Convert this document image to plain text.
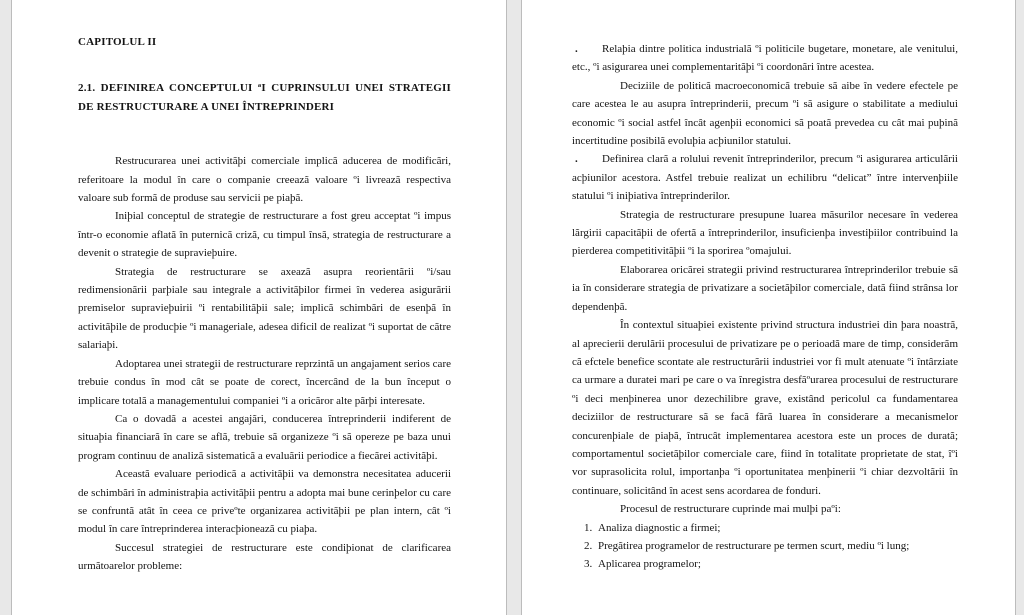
CAPITOLUL II

2.1. DEFINIREA CONCEPTULUI ªI CUPRINSULUI UNEI STRATEGII DE RESTRUCTURARE A UNEI ÎNTREPRINDERI

Restrucurarea unei activitãþi comerciale implicã aducerea de modificãri, referitoare la modul în care o companie creeazã valoare ºi livreazã respectiva valoare sub formã de produse sau servicii pe piaþã.

Iniþial conceptul de strategie de restructurare a fost greu acceptat ºi impus într-o economie aflatã în puternicã crizã, cu timpul însã, strategia de restructurare a devenit o strategie de supravieþuire.

Strategia de restructurare se axeazã asupra reorientãrii ºi/sau redimensionãrii parþiale sau integrale a activitãþilor firmei în vederea asigurãrii premiselor supravieþuirii ºi rentabilitãþii sale; implicã schimbãri de esenþã în activitãþile de producþie ºi manageriale, adesea dificil de realizat ºi suportat de cãtre salariaþi.

Adoptarea unei strategii de restructurare reprzintã un angajament serios care trebuie condus în mod cât se poate de corect, încercând de la bun început o implicare totalã a managementului companiei ºi a oricãror alte pãrþi interesate.

Ca o dovadã a acestei angajãri, conducerea întreprinderii indiferent de situaþia financiarã în care se aflã, trebuie sã organizeze ºi sã opereze pe baza unui program continuu de analizã sistematicã a evaluãrii periodice a fiecãrei activitãþi.

Aceastã evaluare periodicã a activitãþii va demonstra necesitatea aducerii de schimbãri în administraþia activitãþii pentru a adopta mai bune cerinþelor cu care se confruntã atât în ceea ce priveºte organizarea activitãþii pe plan intern, cât ºi modul în care întreprinderea interacþioneazã cu piaþa.

Succesul strategiei de restructurare este condiþionat de clarificarea urmãtoarelor probleme:

. Relaþia dintre politica industrialã ºi politicile bugetare, monetare, ale venitului, etc., ºi asigurarea unei complementaritãþi ºi coordonãri între acestea.

Deciziile de politicã macroeconomicã trebuie sã aibe în vedere efectele pe care acestea le au asupra întreprinderii, precum ºi sã asigure o stabilitate a mediului economic ºi social astfel încât agenþii economici sã poatã prevedea cu cât mai puþinã incertitudine posibilã evoluþia acþiunilor statului.

. Definirea clarã a rolului revenit întreprinderilor, precum ºi asigurarea articulãrii acþiunilor acestora. Astfel trebuie realizat un echilibru “delicat” între intervenþiile statului ºi iniþiativa întreprinderilor.

Strategia de restructurare presupune luarea mãsurilor necesare în vederea lãrgirii capacitãþii de ofertã a întreprinderilor, insuficienþa investiþiilor contribuind la pierderea competitivitãþii ºi la sporirea ºomajului.

Elaborarea oricãrei strategii privind restructurarea întreprinderilor trebuie sã ia în considerare strategia de privatizare a societãþilor comerciale, datã fiind strânsa lor dependenþã.

În contextul situaþiei existente privind structura industriei din þara noastrã, al aprecierii derulãrii procesului de privatizare pe o perioadã mare de timp, considerãm cã efctele benefice scontate ale restructurãrii industriei vor fi mult atenuate ºi întârziate ca urmare a duratei mari pe care o va înregistra desfãºurarea procesului de restructurare ºi deci menþinerea unor dezechilibre grave, existând pericolul ca fundamentarea deciziilor de restructurare sã se facã fãrã luarea în considerare a mecanismelor concurenþiale de piaþã, întrucât implementarea acestora este un proces de duratã; comportamentul societãþilor comerciale care, fiind în totalitate proprietate de stat, îºi vor suprasolicita rolul, importanþa ºi oportunitatea menþinerii ºi chiar dezvoltãrii în continuare, solicitând în acest sens acordarea de fonduri.

Procesul de restructurare cuprinde mai mulþi paºi:

1. Analiza diagnostic a firmei;

2. Pregãtirea programelor de restructurare pe termen scurt, mediu ºi lung;

3. Aplicarea programelor;
